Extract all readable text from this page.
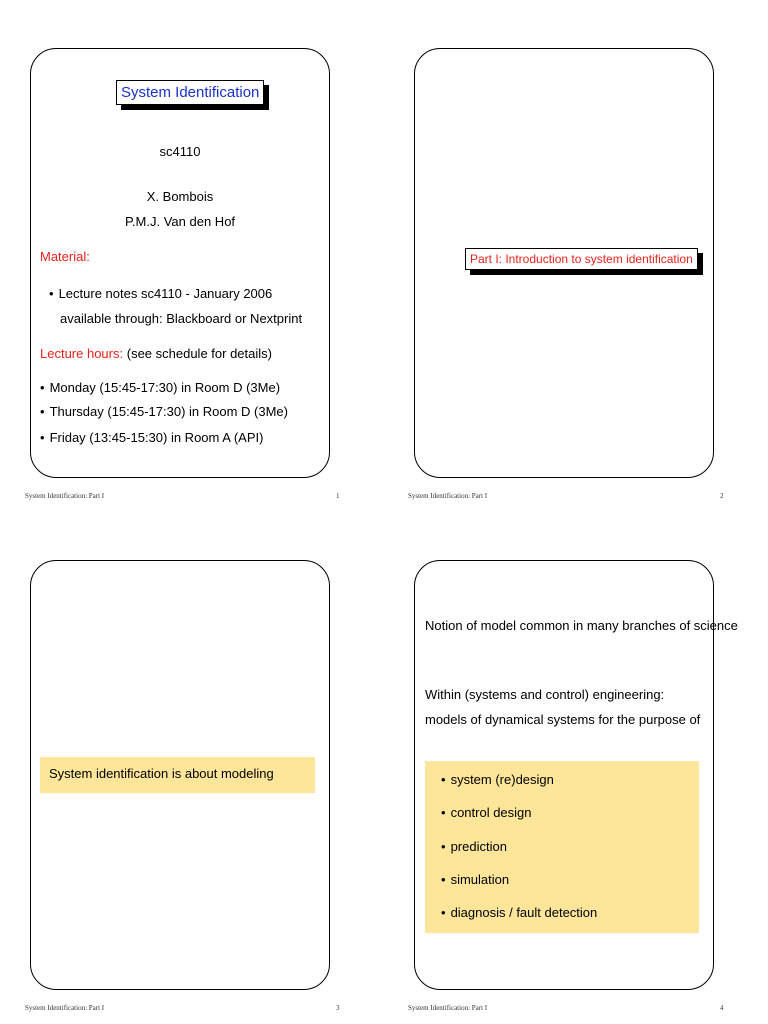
System Identification
sc4110
X. Bombois
P.M.J. Van den Hof
Material:
• Lecture notes sc4110 - January 2006
available through: Blackboard or Nextprint
Lecture hours: (see schedule for details)
• Monday (15:45-17:30) in Room D (3Me)
• Thursday (15:45-17:30) in Room D (3Me)
• Friday (13:45-15:30) in Room A (API)
System Identification: Part I	1
Part I: Introduction to system identification
System Identification: Part I	2
System identification is about modeling
System Identification: Part I	3
Notion of model common in many branches of science
Within (systems and control) engineering:
models of dynamical systems for the purpose of
• system (re)design
• control design
• prediction
• simulation
• diagnosis / fault detection
System Identification: Part I	4
